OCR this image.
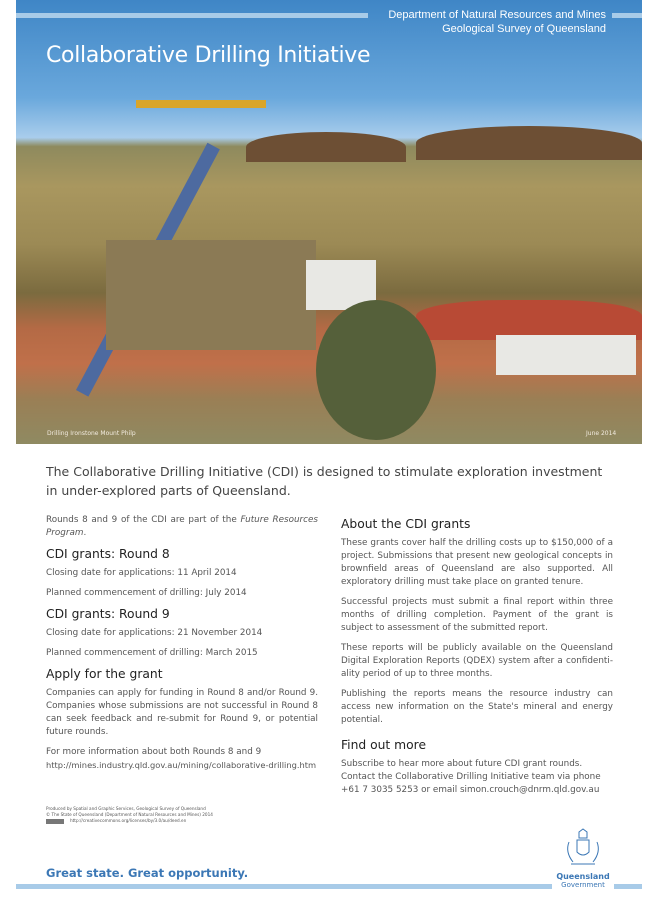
Department of Natural Resources and Mines
Geological Survey of Queensland
Collaborative Drilling Initiative
Drilling Ironstone Mount Philp	June 2014
The Collaborative Drilling Initiative (CDI) is designed to stimulate exploration investment in under-explored parts of Queensland.

Rounds 8 and 9 of the CDI are part of the Future Resources Program.

CDI grants: Round 8

Closing date for applications: 11 April 2014

Planned commencement of drilling: July 2014

CDI grants: Round 9

Closing date for applications: 21 November 2014

Planned commencement of drilling: March 2015

Apply for the grant

Companies can apply for funding in Round 8 and/or Round 9. Companies whose submissions are not successful in Round 8 can seek feedback and re-submit for Round 9, or potential future rounds.

For more information about both Rounds 8 and 9

http://mines.industry.qld.gov.au/mining/collaborative-drilling.htm
About the CDI grants

These grants cover half the drilling costs up to $150,000 of a project. Submissions that present new geological concepts in brownfield areas of Queensland are also supported. All exploratory drilling must take place on granted tenure.

Successful projects must submit a final report within three months of drilling completion. Payment of the grant is subject to assessment of the submitted report.

These reports will be publicly available on the Queensland Digital Exploration Reports (QDEX) system after a confidenti-ality period of up to three months.

Publishing the reports means the resource industry can access new information on the State's mineral and energy potential.

Find out more

Subscribe to hear more about future CDI grant rounds. Contact the Collaborative Drilling Initiative team via phone +61 7 3035 5253 or email simon.crouch@dnrm.qld.gov.au

Produced by Spatial and Graphic Services, Geological Survey of Queensland
© The State of Queensland (Department of Natural Resources and Mines) 2014
http://creativecommons.org/licenses/by/3.0/au/deed.en
Great state. Great opportunity.	Queensland
Government
